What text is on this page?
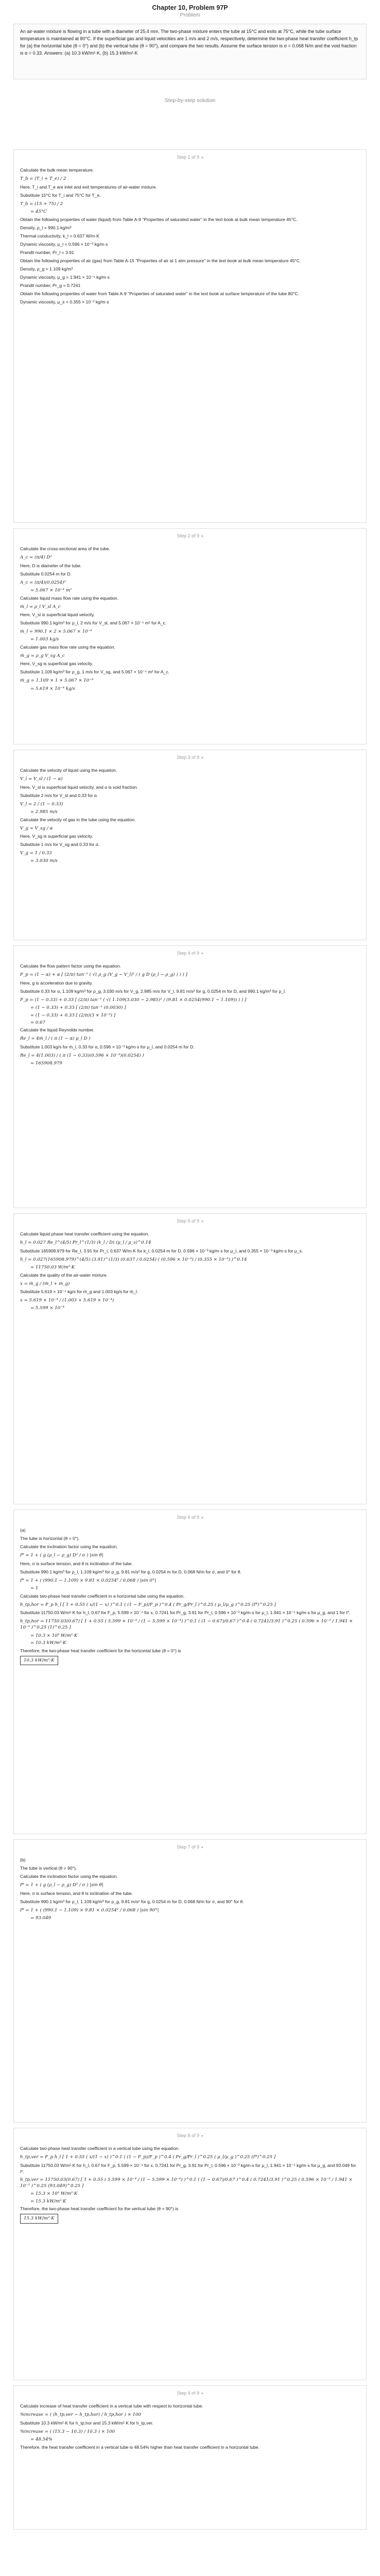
Chapter 10, Problem 97P
Problem
An air-water mixture is flowing in a tube with a diameter of 25.4 mm. The two-phase mixture enters the tube at 15°C and exits at 75°C, while the tube surface temperature is maintained at 80°C. If the superficial gas and liquid velocities are 1 m/s and 2 m/s, respectively, determine the two-phase heat transfer coefficient h_tp for (a) the horizontal tube (θ = 0°) and (b) the vertical tube (θ = 90°), and compare the two results. Assume the surface tension is σ = 0.068 N/m and the void fraction is α = 0.33. Answers: (a) 10.3 kW/m²·K, (b) 15.3 kW/m²·K
Step-by-step solution
Step 1 of 9 ▾
Calculate the bulk mean temperature.
T_b = (T_i + T_e) / 2
Here, T_i and T_e are inlet and exit temperatures of air-water mixture.
Substitute 15°C for T_i and 75°C for T_e.
T_b = (15 + 75) / 2
= 45°C
Obtain the following properties of water (liquid) from Table A-9 "Properties of saturated water" in the text book at bulk mean temperature 45°C.
Density, ρ_l = 990.1 kg/m³
Thermal conductivity, k_l = 0.637 W/m·K
Dynamic viscosity, μ_l = 0.596 × 10⁻³ kg/m·s
Prandtl number, Pr_l = 3.91
Obtain the following properties of air (gas) from Table A-15 "Properties of air at 1 atm pressure" in the text book at bulk mean temperature 45°C.
Density, ρ_g = 1.109 kg/m³
Dynamic viscosity, μ_g = 1.941 × 10⁻⁵ kg/m·s
Prandtl number, Pr_g = 0.7241
Obtain the following properties of water from Table A-9 "Properties of saturated water" in the text book at surface temperature of the tube 80°C.
Dynamic viscosity, μ_s = 0.355 × 10⁻³ kg/m·s
Step 2 of 9 ▾
Calculate the cross-sectional area of the tube.
A_c = (π/4) D²
Here, D is diameter of the tube.
Substitute 0.0254 m for D.
A_c = (π/4)(0.0254)²
= 5.067 × 10⁻⁴ m²
Calculate liquid mass flow rate using the equation.
ṁ_l = ρ_l V_sl A_c
Here, V_sl is superficial liquid velocity.
Substitute 990.1 kg/m³ for ρ_l, 2 m/s for V_sl, and 5.067 × 10⁻⁴ m² for A_c.
ṁ_l = 990.1 × 2 × 5.067 × 10⁻⁴
= 1.003 kg/s
Calculate gas mass flow rate using the equation.
ṁ_g = ρ_g V_sg A_c
Here, V_sg is superficial gas velocity.
Substitute 1.109 kg/m³ for ρ_g, 1 m/s for V_sg, and 5.067 × 10⁻⁴ m² for A_c.
ṁ_g = 1.109 × 1 × 5.067 × 10⁻⁴
= 5.619 × 10⁻⁴ kg/s
Step 3 of 9 ▾
Calculate the velocity of liquid using the equation.
V_l = V_sl / (1 − α)
Here, V_sl is superficial liquid velocity, and α is void fraction.
Substitute 2 m/s for V_sl and 0.33 for α.
V_l = 2 / (1 − 0.33)
= 2.985 m/s
Calculate the velocity of gas in the tube using the equation.
V_g = V_sg / α
Here, V_sg is superficial gas velocity.
Substitute 1 m/s for V_sg and 0.33 for α.
V_g = 1 / 0.33
= 3.030 m/s
Step 4 of 9 ▾
Calculate the flow pattern factor using the equation.
F_p = (1 − α) + α [ (2/π) tan⁻¹ ( √( ρ_g (V_g − V_l)² / ( g D (ρ_l − ρ_g) ) ) ) ]
Here, g is acceleration due to gravity.
Substitute 0.33 for α, 1.109 kg/m³ for ρ_g, 3.030 m/s for V_g, 2.985 m/s for V_l, 9.81 m/s² for g, 0.0254 m for D, and 990.1 kg/m³ for ρ_l.
F_p = (1 − 0.33) + 0.33 [ (2/π) tan⁻¹ ( √( 1.109(3.030 − 2.985)² / (9.81 × 0.0254(990.1 − 1.109)) ) ) ]
= (1 − 0.33) + 0.33 [ (2/π) tan⁻¹ (0.0030) ]
= (1 − 0.33) + 0.33 [ (2/π)(3 × 10⁻³) ]
= 0.67
Calculate the liquid Reynolds number.
Re_l = 4ṁ_l / ( π (1 − α) μ_l D )
Substitute 1.003 kg/s for ṁ_l, 0.33 for α, 0.596 × 10⁻³ kg/m·s for μ_l, and 0.0254 m for D.
Re_l = 4(1.003) / ( π (1 − 0.33)(0.596 × 10⁻³)(0.0254) )
= 165908.979
Step 5 of 9 ▾
Calculate liquid phase heat transfer coefficient using the equation.
h_l = 0.027 Re_l^(4/5) Pr_l^(1/3) (k_l / D) (μ_l / μ_s)^0.14
Substitute 165908.979 for Re_l, 3.91 for Pr_l, 0.637 W/m·K for k_l, 0.0254 m for D, 0.596 × 10⁻³ kg/m·s for μ_l, and 0.355 × 10⁻³ kg/m·s for μ_s.
h_l = 0.027(165908.979)^(4/5) (3.91)^(1/3) (0.637 / 0.0254) ( (0.596 × 10⁻³) / (0.355 × 10⁻³) )^0.14
= 11750.03 W/m²·K
Calculate the quality of the air-water mixture.
x = ṁ_g / (ṁ_l + ṁ_g)
Substitute 5.619 × 10⁻⁴ kg/s for ṁ_g and 1.003 kg/s for ṁ_l.
x = 5.619 × 10⁻⁴ / (1.003 + 5.619 × 10⁻⁴)
= 5.599 × 10⁻⁴
Step 6 of 9 ▾
(a)
The tube is horizontal (θ = 0°).
Calculate the inclination factor using the equation.
I* = 1 + ( g (ρ_l − ρ_g) D² / σ ) |sin θ|
Here, σ is surface tension, and θ is inclination of the tube.
Substitute 990.1 kg/m³ for ρ_l, 1.109 kg/m³ for ρ_g, 9.81 m/s² for g, 0.0254 m for D, 0.068 N/m for σ, and 0° for θ.
I* = 1 + ( (990.1 − 1.109) × 9.81 × 0.0254² / 0.068 ) |sin 0°|
= 1
Calculate two-phase heat transfer coefficient in a horizontal tube using the equation.
h_tp,hor = F_p h_l [ 1 + 0.55 ( x/(1 − x) )^0.1 ( (1 − F_p)/F_p )^0.4 ( Pr_g/Pr_l )^0.25 ( μ_l/μ_g )^0.25 (I*)^0.25 ]
Substitute 11750.03 W/m²·K for h_l, 0.67 for F_p, 5.599 × 10⁻⁴ for x, 0.7241 for Pr_g, 3.91 for Pr_l, 0.596 × 10⁻³ kg/m·s for μ_l, 1.941 × 10⁻⁵ kg/m·s for μ_g, and 1 for I*.
h_tp,hor = 11750.03(0.67) [ 1 + 0.55 ( 5.599 × 10⁻⁴ / (1 − 5.599 × 10⁻⁴) )^0.1 ( (1 − 0.67)/0.67 )^0.4 ( 0.7241/3.91 )^0.25 ( 0.596 × 10⁻³ / 1.941 × 10⁻⁵ )^0.25 (1)^0.25 ]
= 10.3 × 10³ W/m²·K
= 10.3 kW/m²·K
Therefore, the two-phase heat transfer coefficient for the horizontal tube (θ = 0°) is
10.3 kW/m²·K
Step 7 of 9 ▾
(b)
The tube is vertical (θ = 90°).
Calculate the inclination factor using the equation.
I* = 1 + ( g (ρ_l − ρ_g) D² / σ ) |sin θ|
Here, σ is surface tension, and θ is inclination of the tube.
Substitute 990.1 kg/m³ for ρ_l, 1.109 kg/m³ for ρ_g, 9.81 m/s² for g, 0.0254 m for D, 0.068 N/m for σ, and 90° for θ.
I* = 1 + ( (990.1 − 1.109) × 9.81 × 0.0254² / 0.068 ) |sin 90°|
= 93.049
Step 8 of 9 ▾
Calculate two-phase heat transfer coefficient in a vertical tube using the equation.
h_tp,ver = F_p h_l [ 1 + 0.55 ( x/(1 − x) )^0.1 ( (1 − F_p)/F_p )^0.4 ( Pr_g/Pr_l )^0.25 ( μ_l/μ_g )^0.25 (I*)^0.25 ]
Substitute 11750.03 W/m²·K for h_l, 0.67 for F_p, 5.599 × 10⁻⁴ for x, 0.7241 for Pr_g, 3.91 for Pr_l, 0.596 × 10⁻³ kg/m·s for μ_l, 1.941 × 10⁻⁵ kg/m·s for μ_g, and 93.049 for I*.
h_tp,ver = 11750.03(0.67) [ 1 + 0.55 ( 5.599 × 10⁻⁴ / (1 − 5.599 × 10⁻⁴) )^0.1 ( (1 − 0.67)/0.67 )^0.4 ( 0.7241/3.91 )^0.25 ( 0.596 × 10⁻³ / 1.941 × 10⁻⁵ )^0.25 (93.049)^0.25 ]
= 15.3 × 10³ W/m²·K
= 15.3 kW/m²·K
Therefore, the two-phase heat transfer coefficient for the vertical tube (θ = 90°) is
15.3 kW/m²·K
Step 9 of 9 ▾
Calculate increase of heat transfer coefficient in a vertical tube with respect to horizontal tube.
%increase = ( (h_tp,ver − h_tp,hor) / h_tp,hor ) × 100
Substitute 10.3 kW/m²·K for h_tp,hor and 15.3 kW/m²·K for h_tp,ver.
%increase = ( (15.3 − 10.3) / 10.3 ) × 100
= 48.54%
Therefore, the heat transfer coefficient in a vertical tube is 48.54% higher than heat transfer coefficient in a horizontal tube.
